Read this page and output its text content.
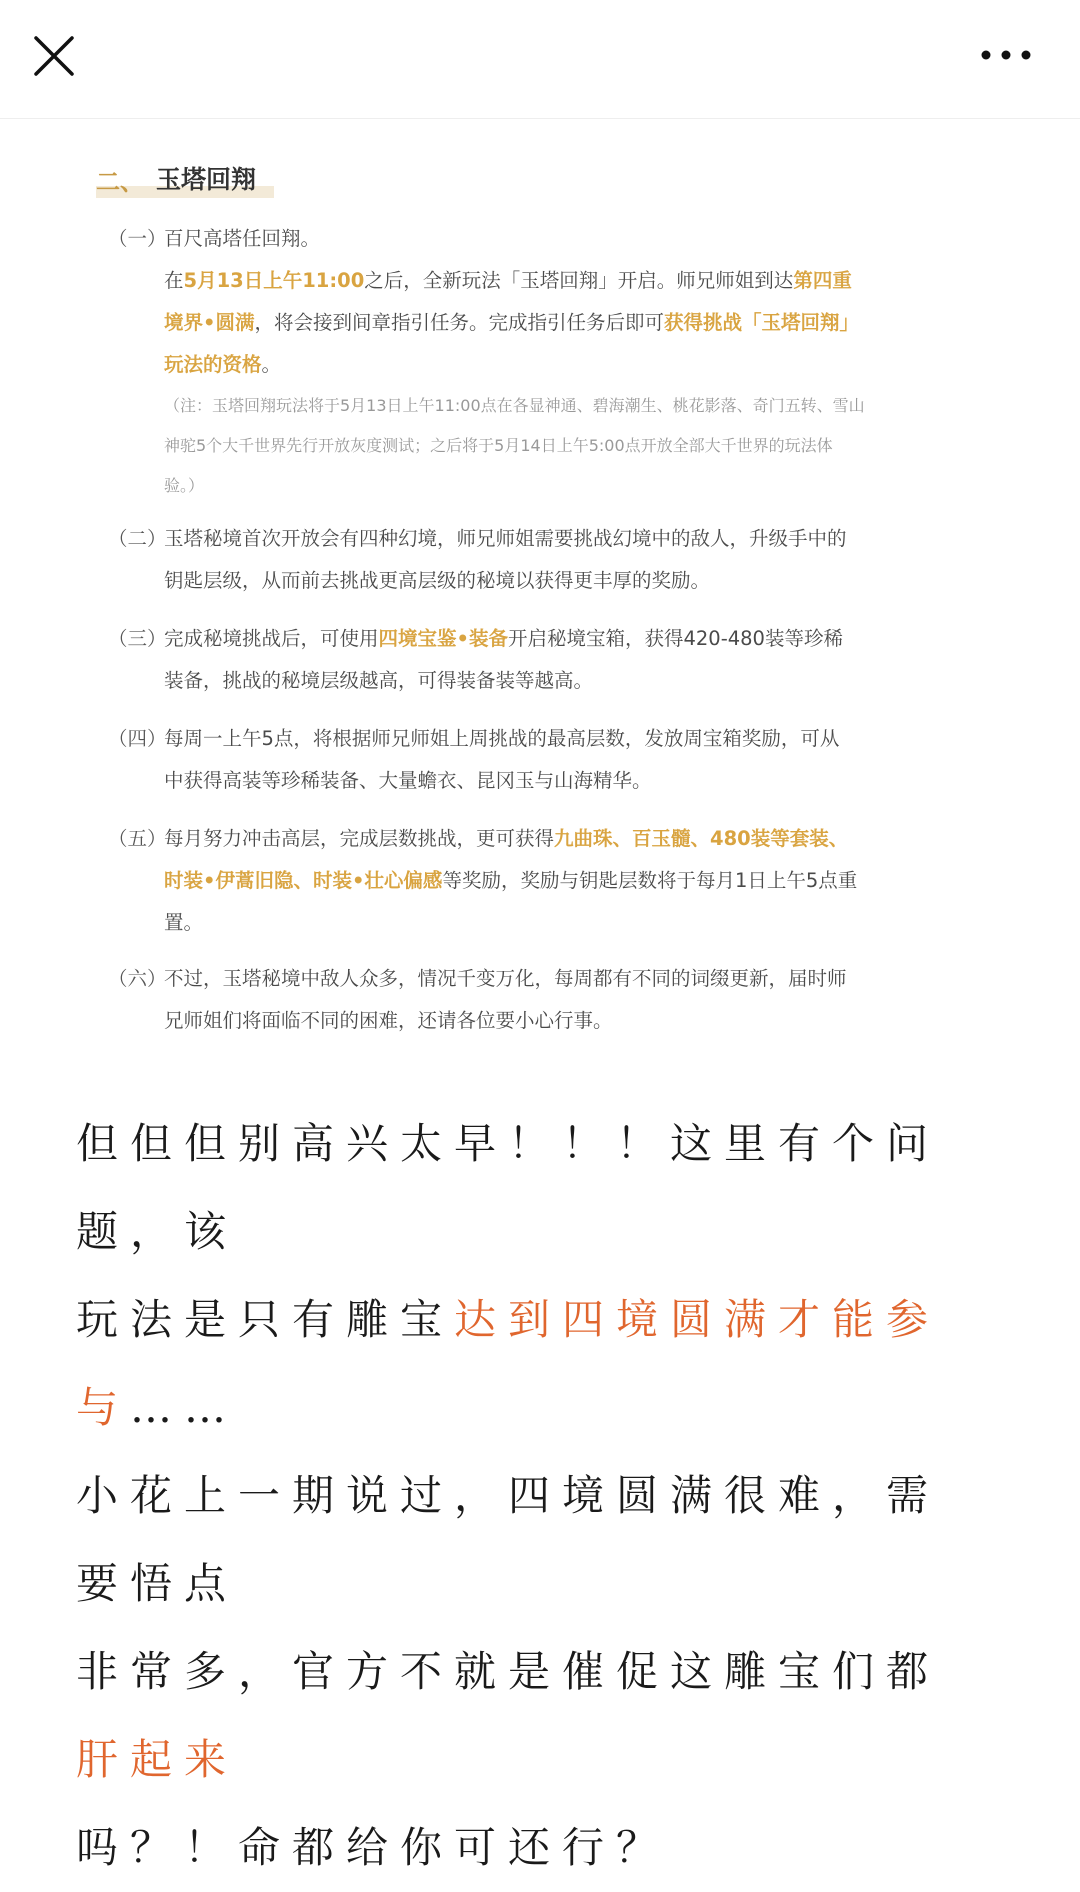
二、 玉塔回翔
（一）
百尺高塔任回翔。
在5月13日上午11:00之后，全新玩法「玉塔回翔」开启。师兄师姐到达第四重
境界•圆满，将会接到间章指引任务。完成指引任务后即可获得挑战「玉塔回翔」
玩法的资格。
（注：玉塔回翔玩法将于5月13日上午11:00点在各显神通、碧海潮生、桃花影落、奇门五转、雪山
神驼5个大千世界先行开放灰度测试；之后将于5月14日上午5:00点开放全部大千世界的玩法体
验。）
（二）
玉塔秘境首次开放会有四种幻境，师兄师姐需要挑战幻境中的敌人，升级手中的
钥匙层级，从而前去挑战更高层级的秘境以获得更丰厚的奖励。
（三）
完成秘境挑战后，可使用四境宝鉴•装备开启秘境宝箱，获得420-480装等珍稀
装备，挑战的秘境层级越高，可得装备装等越高。
（四）
每周一上午5点，将根据师兄师姐上周挑战的最高层数，发放周宝箱奖励，可从
中获得高装等珍稀装备、大量蟾衣、昆冈玉与山海精华。
（五）
每月努力冲击高层，完成层数挑战，更可获得九曲珠、百玉髓、480装等套装、
时装•伊蒿旧隐、时装•壮心偏感等奖励，奖励与钥匙层数将于每月1日上午5点重
置。
（六）
不过，玉塔秘境中敌人众多，情况千变万化，每周都有不同的词缀更新，届时师
兄师姐们将面临不同的困难，还请各位要小心行事。
但但但别高兴太早！！！这里有个问题，该
玩法是只有雕宝达到四境圆满才能参与……
小花上一期说过，四境圆满很难，需要悟点
非常多，官方不就是催促这雕宝们都肝起来
吗？！命都给你可还行？
